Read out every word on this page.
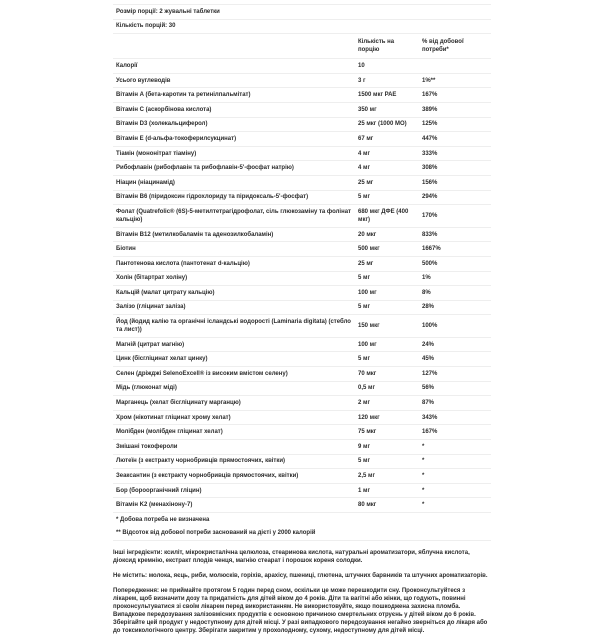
Розмір порції: 2 жувальні таблетки		
Кількість порцій: 30		
	Кількість на порцію	% від добової потреби*
Калорії	10	
Усього вуглеводів	3 г	1%**
Вітамін A (бета-каротин та ретинілпальмітат)	1500 мкг РАЕ	167%
Вітамін C (аскорбінова кислота)	350 мг	389%
Вітамін D3 (холекальциферол)	25 мкг (1000 МО)	125%
Вітамін E (d-альфа-токоферилсукцинат)	67 мг	447%
Тіамін (мононітрат тіаміну)	4 мг	333%
Рибофлавін (рибофлавін та рибофлавін-5'-фосфат натрію)	4 мг	308%
Ніацин (ніацинамід)	25 мг	156%
Вітамін B6 (піридоксин гідрохлориду та піридоксаль-5'-фосфат)	5 мг	294%
Фолат (Quatrefolic® (6S)-5-метилтетрагідрофолат, сіль глюкозаміну та фолінат кальцію)	680 мкг ДФЕ (400 мкг)	170%
Вітамін B12 (метилкобаламін та аденозилкобаламін)	20 мкг	833%
Біотин	500 мкг	1667%
Пантотенова кислота (пантотенат d-кальцію)	25 мг	500%
Холін (бітартрат холіну)	5 мг	1%
Кальцій (малат цитрату кальцію)	100 мг	8%
Залізо (гліцинат заліза)	5 мг	28%
Йод (йодид калію та органічні ісландські водорості (Laminaria digitata) (стебло та лист))	150 мкг	100%
Магній (цитрат магнію)	100 мг	24%
Цинк (бісгліцинат хелат цинку)	5 мг	45%
Селен (дріжджі SelenoExcell® із високим вмістом селену)	70 мкг	127%
Мідь (глюконат міді)	0,5 мг	56%
Марганець (хелат бісгліцинату марганцю)	2 мг	87%
Хром (нікотинат гліцинат хрому хелат)	120 мкг	343%
Молібден (молібден гліцинат хелат)	75 мкг	167%
Змішані токофероли	9 мг	*
Лютеїн (з екстракту чорнобривців прямостоячих, квітки)	5 мг	*
Зеаксантин (з екстракту чорнобривців прямостоячих, квітки)	2,5 мг	*
Бор (бороорганічний гліцин)	1 мг	*
Вітамін K2 (менахінону-7)	80 мкг	*
* Добова потреба не визначена		
** Відсоток від добової потреби заснований на дієті у 2000 калорій		

Інші інгредієнти: ксиліт, мікрокристалічна целюлоза, стеаринова кислота, натуральні ароматизатори, яблучна кислота, діоксид кремнію, екстракт плодів ченця, магнію стеарат і порошок кореня солодки.

Не містить: молока, яєць, риби, молюсків, горіхів, арахісу, пшениці, глютена, штучних барвників та штучних ароматизаторів.

Попередження: не приймайте протягом 5 годин перед сном, оскільки це може перешкодити сну. Проконсультуйтеся з лікарем, щоб визначити дозу та придатність для дітей віком до 4 років. Діти та вагітні або жінки, що годують, повинні проконсультуватися зі своїм лікарем перед використанням. Не використовуйте, якщо пошкоджена захисна пломба. Випадкове передозування залізовмісних продуктів є основною причиною смертельних отруєнь у дітей віком до 6 років. Зберігайте цей продукт у недоступному для дітей місці. У разі випадкового передозування негайно зверніться до лікаря або до токсикологічного центру. Зберігати закритим у прохолодному, сухому, недоступному для дітей місці.
